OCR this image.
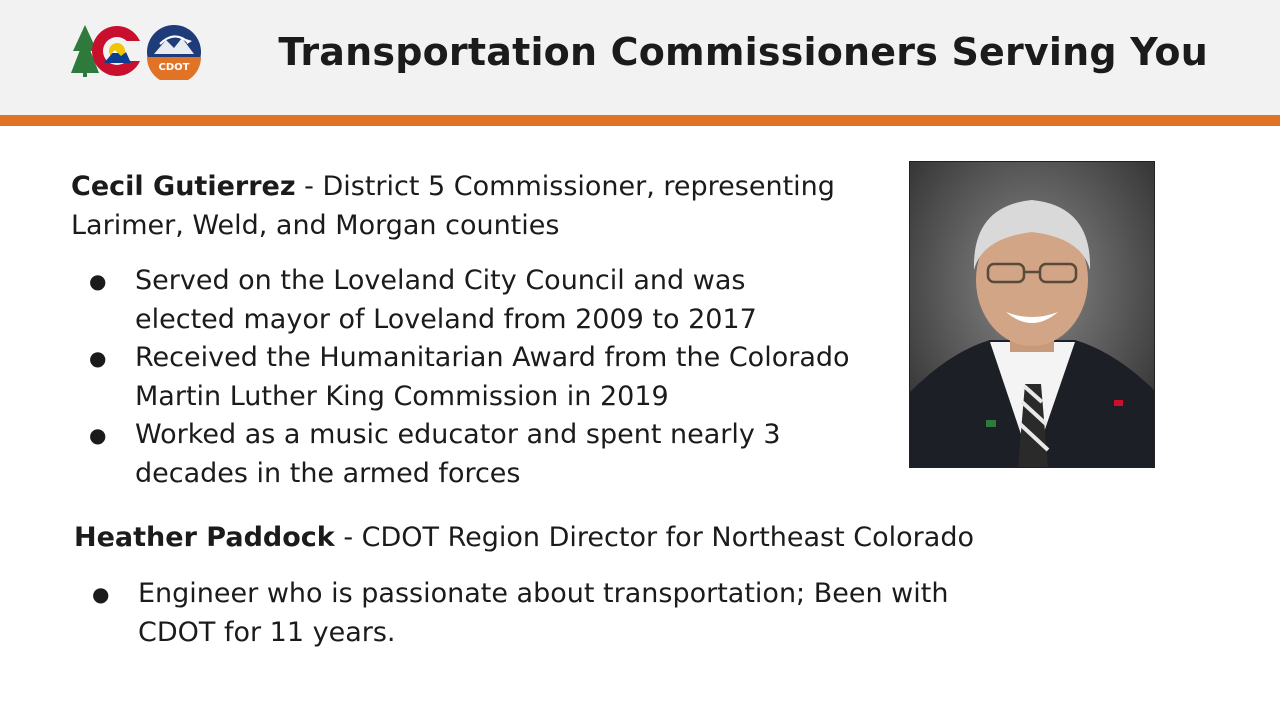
CDOT Transportation Commissioners Serving You
Cecil Gutierrez - District 5 Commissioner, representing Larimer, Weld, and Morgan counties
● Served on the Loveland City Council and was elected mayor of Loveland from 2009 to 2017
● Received the Humanitarian Award from the Colorado Martin Luther King Commission in 2019
● Worked as a music educator and spent nearly 3 decades in the armed forces
Heather Paddock - CDOT Region Director for Northeast Colorado
● Engineer who is passionate about transportation; Been with CDOT for 11 years.
